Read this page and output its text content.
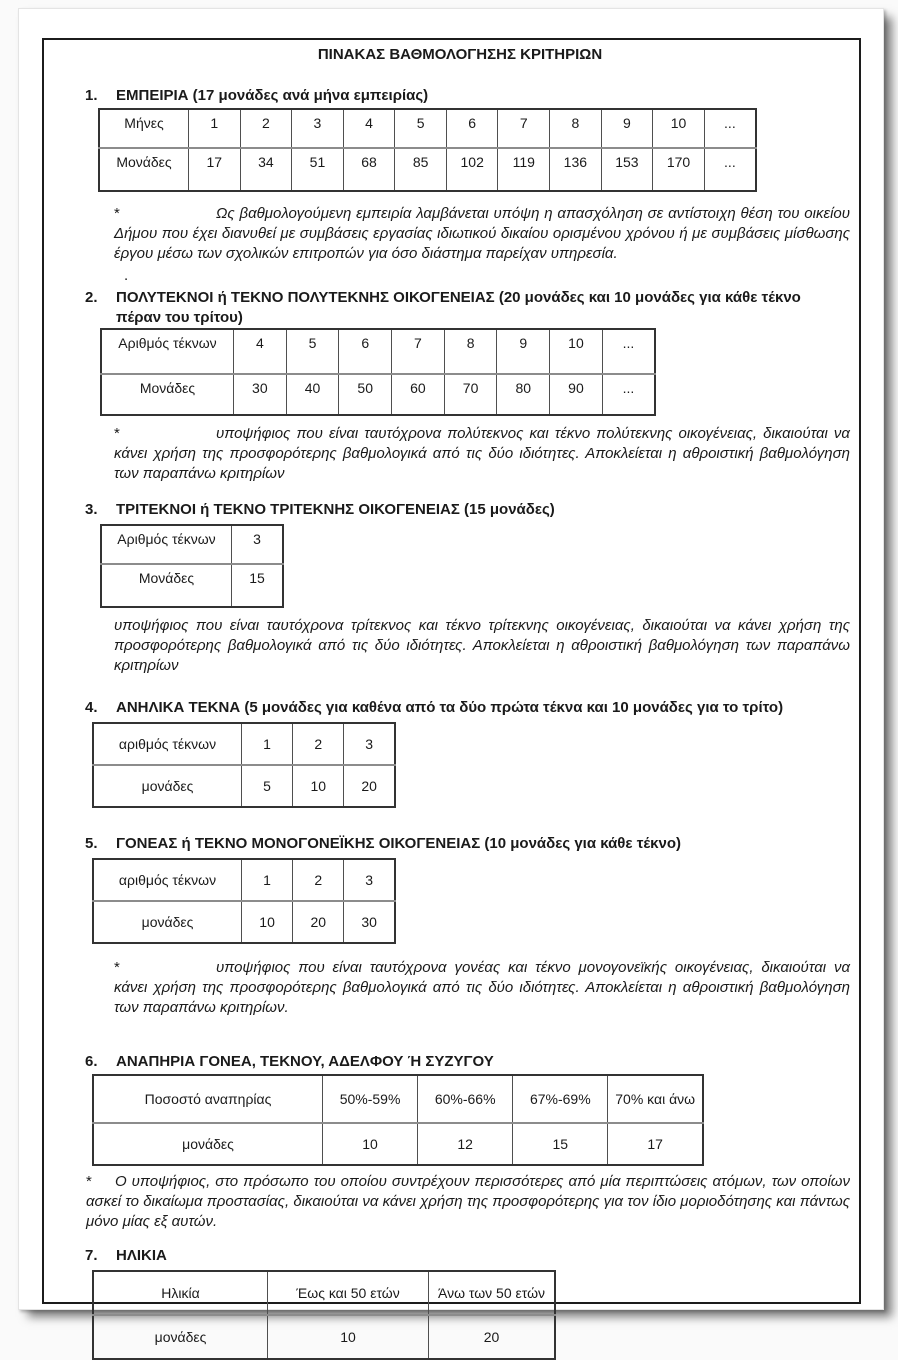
ΠΙΝΑΚΑΣ ΒΑΘΜΟΛΟΓΗΣΗΣ ΚΡΙΤΗΡΙΩΝ
1.	ΕΜΠΕΙΡΙΑ (17 μονάδες ανά μήνα εμπειρίας)
Μήνες	1	2	3	4	5	6	7	8	9	10	...
Μονάδες	17	34	51	68	85	102	119	136	153	170	...

*	Ως βαθμολογούμενη εμπειρία λαμβάνεται υπόψη η απασχόληση σε αντίστοιχη θέση του οικείου Δήμου που έχει διανυθεί με συμβάσεις εργασίας ιδιωτικού δικαίου ορισμένου χρόνου ή με συμβάσεις μίσθωσης έργου μέσω των σχολικών επιτροπών για όσο διάστημα παρείχαν υπηρεσία.

.
2.	ΠΟΛΥΤΕΚΝΟΙ ή ΤΕΚΝΟ ΠΟΛΥΤΕΚΝΗΣ ΟΙΚΟΓΕΝΕΙΑΣ (20 μονάδες και 10 μονάδες για κάθε τέκνο πέραν του τρίτου)
Αριθμός τέκνων	4	5	6	7	8	9	10	...
Μονάδες	30	40	50	60	70	80	90	...

*	υποψήφιος που είναι ταυτόχρονα πολύτεκνος και τέκνο πολύτεκνης οικογένειας, δικαιούται να κάνει χρήση της προσφορότερης βαθμολογικά από τις δύο ιδιότητες. Αποκλείεται η αθροιστική βαθμολόγηση των παραπάνω κριτηρίων

3.	ΤΡΙΤΕΚΝΟΙ ή ΤΕΚΝΟ ΤΡΙΤΕΚΝΗΣ ΟΙΚΟΓΕΝΕΙΑΣ (15 μονάδες)
Αριθμός τέκνων	3
Μονάδες	15

υποψήφιος που είναι ταυτόχρονα τρίτεκνος και τέκνο τρίτεκνης οικογένειας, δικαιούται να κάνει χρήση της προσφορότερης βαθμολογικά από τις δύο ιδιότητες. Αποκλείεται η αθροιστική βαθμολόγηση των παραπάνω κριτηρίων

4.	ΑΝΗΛΙΚΑ ΤΕΚΝΑ (5 μονάδες για καθένα από τα δύο πρώτα τέκνα και 10 μονάδες για το τρίτο)
αριθμός τέκνων	1	2	3
μονάδες	5	10	20
5.	ΓΟΝΕΑΣ ή ΤΕΚΝΟ ΜΟΝΟΓΟΝΕΪΚΗΣ ΟΙΚΟΓΕΝΕΙΑΣ (10 μονάδες για κάθε τέκνο)
αριθμός τέκνων	1	2	3
μονάδες	10	20	30

*	υποψήφιος που είναι ταυτόχρονα γονέας και τέκνο μονογονεϊκής οικογένειας, δικαιούται να κάνει χρήση της προσφορότερης βαθμολογικά από τις δύο ιδιότητες. Αποκλείεται η αθροιστική βαθμολόγηση των παραπάνω κριτηρίων.

6.	ΑΝΑΠΗΡΙΑ ΓΟΝΕΑ, ΤΕΚΝΟΥ, ΑΔΕΛΦΟΥ Ή ΣΥΖΥΓΟΥ
Ποσοστό αναπηρίας	50%-59%	60%-66%	67%-69%	70% και άνω
μονάδες	10	12	15	17

* Ο υποψήφιος, στο πρόσωπο του οποίου συντρέχουν περισσότερες από μία περιπτώσεις ατόμων, των οποίων ασκεί το δικαίωμα προστασίας, δικαιούται να κάνει χρήση της προσφορότερης για τον ίδιο μοριοδότησης και πάντως μόνο μίας εξ αυτών.

7.	ΗΛΙΚΙΑ
Ηλικία	Έως και 50 ετών	Άνω των 50 ετών
μονάδες	10	20
